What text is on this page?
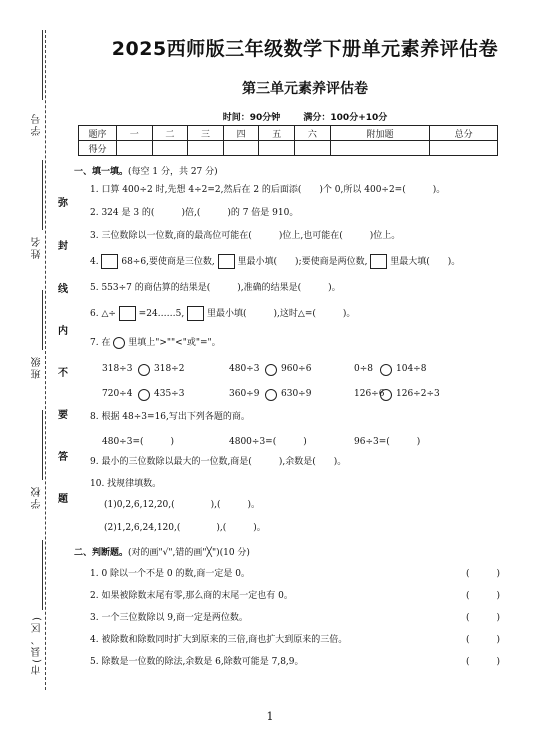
学号
姓名
班级
学校
市(县、区)
弥
封
线
内
不
要
答
题
2025西师版三年级数学下册单元素养评估卷
第三单元素养评估卷
时间：90分钟	满分：100分+10分
题序	一	二	三	四	五	六	附加题	总分
得分								
一、填一填。(每空 1 分，共 27 分)
1. 口算 400÷2 时,先想 4÷2=2,然后在 2 的后面添(　　)个 0,所以 400÷2=(　　　)。
2. 324 是 3 的(　　　)倍,(　　　)的 7 倍是 910。
3. 三位数除以一位数,商的最高位可能在(　　　)位上,也可能在(　　　)位上。
4.	68÷6,要使商是三位数,	里最小填(　　);要使商是两位数,	里最大填(　　)。
5. 553÷7 的商估算的结果是(　　　),准确的结果是(　　　)。
6. △÷	=24……5,	里最小填(　　　),这时△=(　　　)。
7. 在 里填上">""<"或"="。
318÷3 318÷2	480÷3 960÷6	0÷8	104÷8
720÷4 435÷3	360÷9 630÷9	126÷6 126÷2÷3
8. 根据 48÷3=16,写出下列各题的商。
480÷3=(　　　)	4800÷3=(　　　)	96÷3=(　　　)
9. 最小的三位数除以最大的一位数,商是(　　　),余数是(　　)。
10. 找规律填数。
(1)0,2,6,12,20,(　　　　),(　　　)。
(2)1,2,6,24,120,(　　　　),(　　　)。
二、判断题。(对的画"√",错的画"╳")(10 分)
1. 0 除以一个不是 0 的数,商一定是 0。	(　　　)
2. 如果被除数末尾有零,那么商的末尾一定也有 0。	(　　　)
3. 一个三位数除以 9,商一定是两位数。	(　　　)
4. 被除数和除数同时扩大到原来的三倍,商也扩大到原来的三倍。	(　　　)
5. 除数是一位数的除法,余数是 6,除数可能是 7,8,9。	(　　　)
1
